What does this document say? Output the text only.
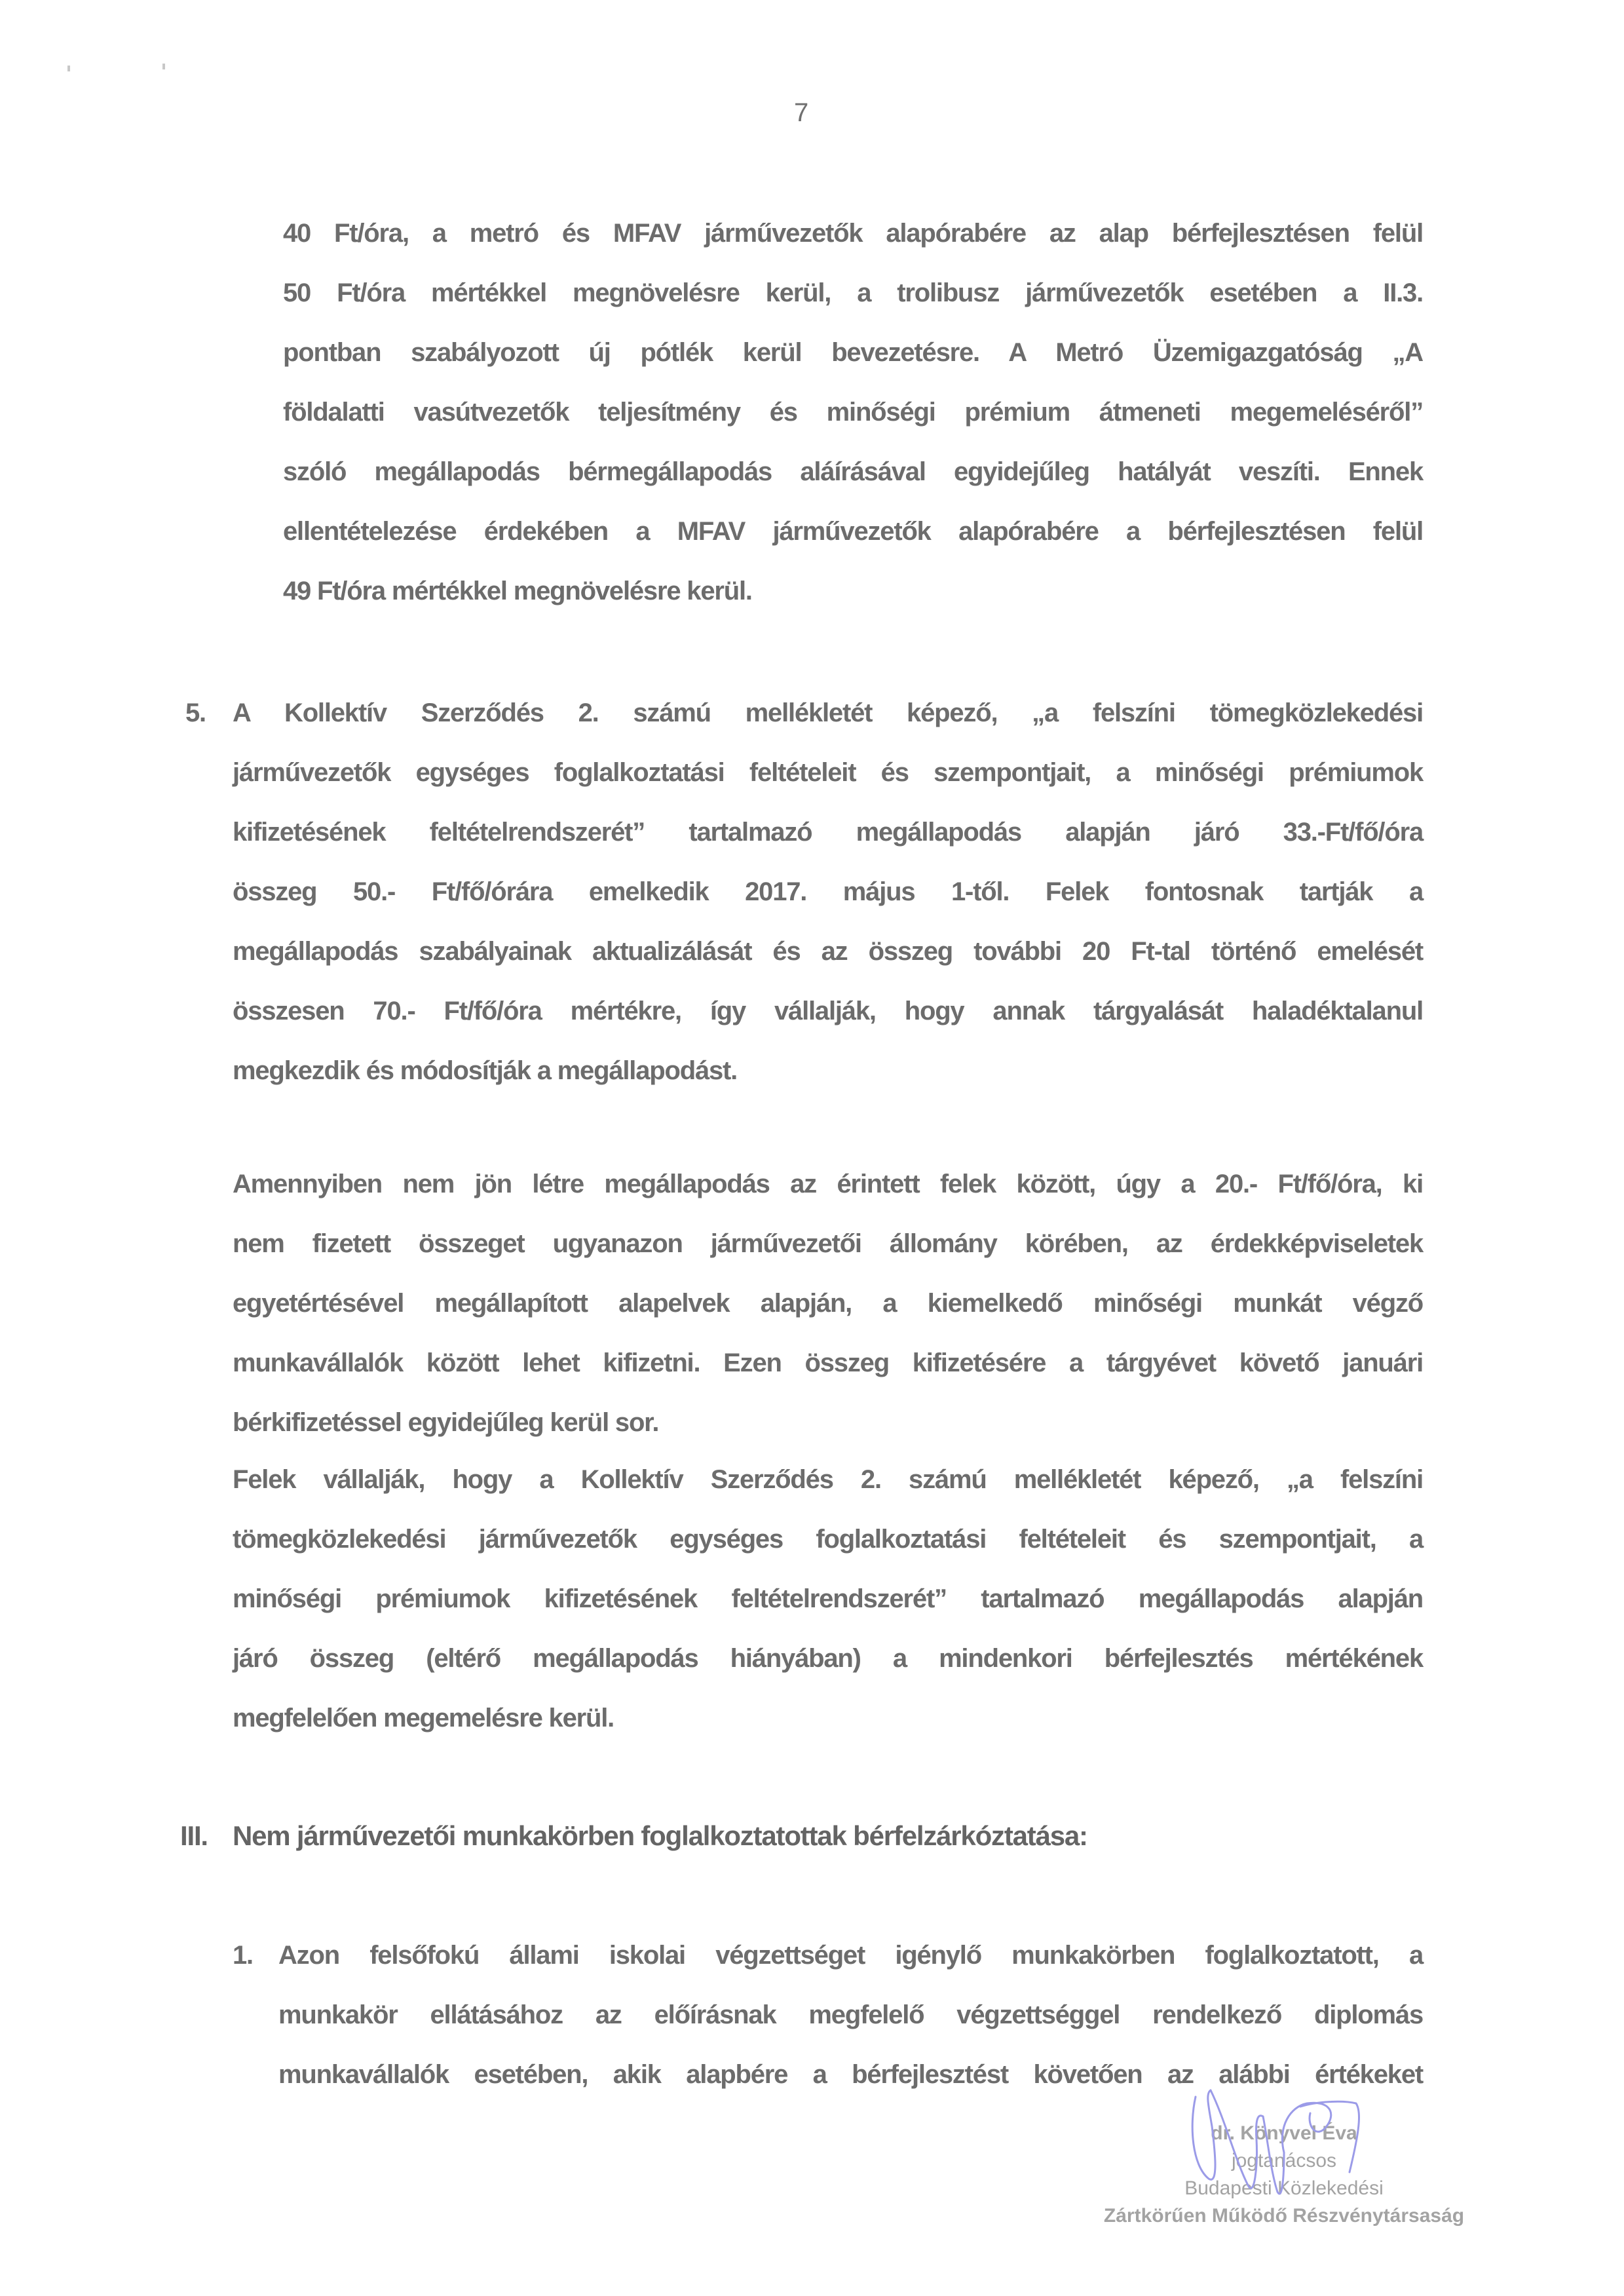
7
40 Ft/óra, a metró és MFAV járművezetők alapórabére az alap bérfejlesztésen felül
50 Ft/óra mértékkel megnövelésre kerül, a trolibusz járművezetők esetében a II.3.
pontban szabályozott új pótlék kerül bevezetésre. A Metró Üzemigazgatóság „A
földalatti vasútvezetők teljesítmény és minőségi prémium átmeneti megemeléséről”
szóló megállapodás bérmegállapodás aláírásával egyidejűleg hatályát veszíti. Ennek
ellentételezése érdekében a MFAV járművezetők alapórabére a bérfejlesztésen felül
49 Ft/óra mértékkel megnövelésre kerül.
5. A Kollektív Szerződés 2. számú mellékletét képező, „a felszíni tömegközlekedési
járművezetők egységes foglalkoztatási feltételeit és szempontjait, a minőségi prémiumok
kifizetésének feltételrendszerét” tartalmazó megállapodás alapján járó 33.-Ft/fő/óra
összeg 50.- Ft/fő/órára emelkedik 2017. május 1-től. Felek fontosnak tartják a
megállapodás szabályainak aktualizálását és az összeg további 20 Ft-tal történő emelését
összesen 70.- Ft/fő/óra mértékre, így vállalják, hogy annak tárgyalását haladéktalanul
megkezdik és módosítják a megállapodást.
Amennyiben nem jön létre megállapodás az érintett felek között, úgy a 20.- Ft/fő/óra, ki
nem fizetett összeget ugyanazon járművezetői állomány körében, az érdekképviseletek
egyetértésével megállapított alapelvek alapján, a kiemelkedő minőségi munkát végző
munkavállalók között lehet kifizetni. Ezen összeg kifizetésére a tárgyévet követő januári
bérkifizetéssel egyidejűleg kerül sor.
Felek vállalják, hogy a Kollektív Szerződés 2. számú mellékletét képező, „a felszíni
tömegközlekedési járművezetők egységes foglalkoztatási feltételeit és szempontjait, a
minőségi prémiumok kifizetésének feltételrendszerét” tartalmazó megállapodás alapján
járó összeg (eltérő megállapodás hiányában) a mindenkori bérfejlesztés mértékének
megfelelően megemelésre kerül.
III. Nem járművezetői munkakörben foglalkoztatottak bérfelzárkóztatása:
1. Azon felsőfokú állami iskolai végzettséget igénylő munkakörben foglalkoztatott, a
munkakör ellátásához az előírásnak megfelelő végzettséggel rendelkező diplomás
munkavállalók esetében, akik alapbére a bérfejlesztést követően az alábbi értékeket
dr. Könyvel Éva
jogtanácsos
Budapesti Közlekedési
Zártkörűen Működő Részvénytársaság
